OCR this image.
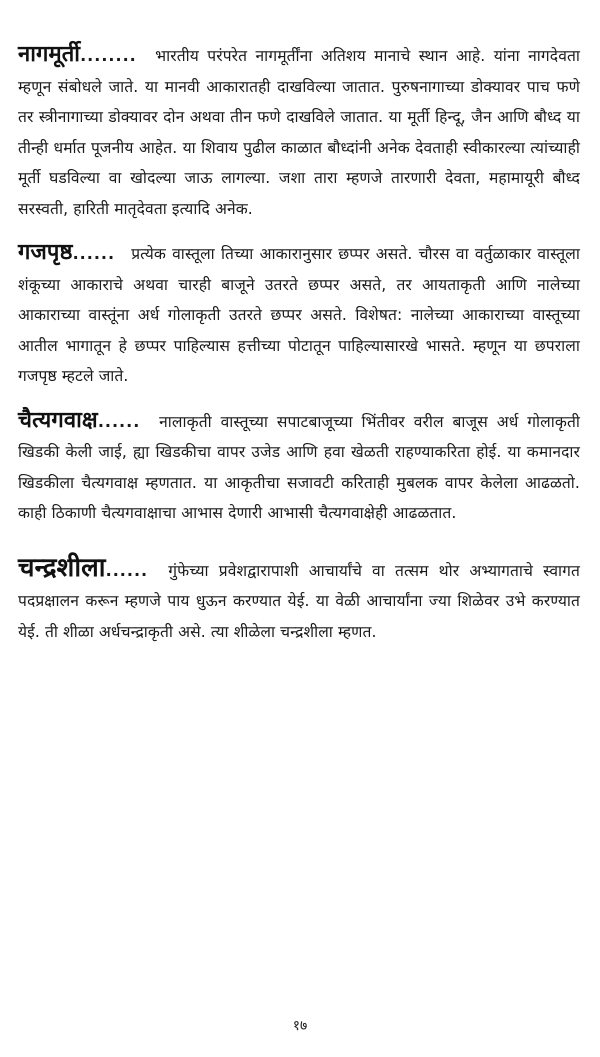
नागमूर्ती........ भारतीय परंपरेत नागमूर्तींना अतिशय मानाचे स्थान आहे. यांना नागदेवता म्हणून संबोधले जाते. या मानवी आकारातही दाखविल्या जातात. पुरुषनागाच्या डोक्यावर पाच फणे तर स्त्रीनागाच्या डोक्यावर दोन अथवा तीन फणे दाखविले जातात. या मूर्ती हिन्दू, जैन आणि बौध्द या तीन्ही धर्मात पूजनीय आहेत. या शिवाय पुढील काळात बौध्दांनी अनेक देवताही स्वीकारल्या त्यांच्याही मूर्ती घडविल्या वा खोदल्या जाऊ लागल्या. जशा तारा म्हणजे तारणारी देवता, महामायूरी बौध्द सरस्वती, हारिती मातृदेवता इत्यादि अनेक.

गजपृष्ठ...... प्रत्येक वास्तूला तिच्या आकारानुसार छप्पर असते. चौरस वा वर्तुळाकार वास्तूला शंकूच्या आकाराचे अथवा चारही बाजूने उतरते छप्पर असते, तर आयताकृती आणि नालेच्या आकाराच्या वास्तूंना अर्ध गोलाकृती उतरते छप्पर असते. विशेषत: नालेच्या आकाराच्या वास्तूच्या आतील भागातून हे छप्पर पाहिल्यास हत्तीच्या पोटातून पाहिल्यासारखे भासते. म्हणून या छपराला गजपृष्ठ म्हटले जाते.

चैत्यगवाक्ष...... नालाकृती वास्तूच्या सपाटबाजूच्या भिंतीवर वरील बाजूस अर्ध गोलाकृती खिडकी केली जाई, ह्या खिडकीचा वापर उजेड आणि हवा खेळती राहण्याकरिता होई. या कमानदार खिडकीला चैत्यगवाक्ष म्हणतात. या आकृतीचा सजावटी करिताही मुबलक वापर केलेला आढळतो. काही ठिकाणी चैत्यगवाक्षाचा आभास देणारी आभासी चैत्यगवाक्षेही आढळतात.

चन्द्रशीला...... गुंफेच्या प्रवेशद्वारापाशी आचार्यांचे वा तत्सम थोर अभ्यागताचे स्वागत पदप्रक्षालन करून म्हणजे पाय धुऊन करण्यात येई. या वेळी आचार्यांना ज्या शिळेवर उभे करण्यात येई. ती शीळा अर्धचन्द्राकृती असे. त्या शीळेला चन्द्रशीला म्हणत.

१७
